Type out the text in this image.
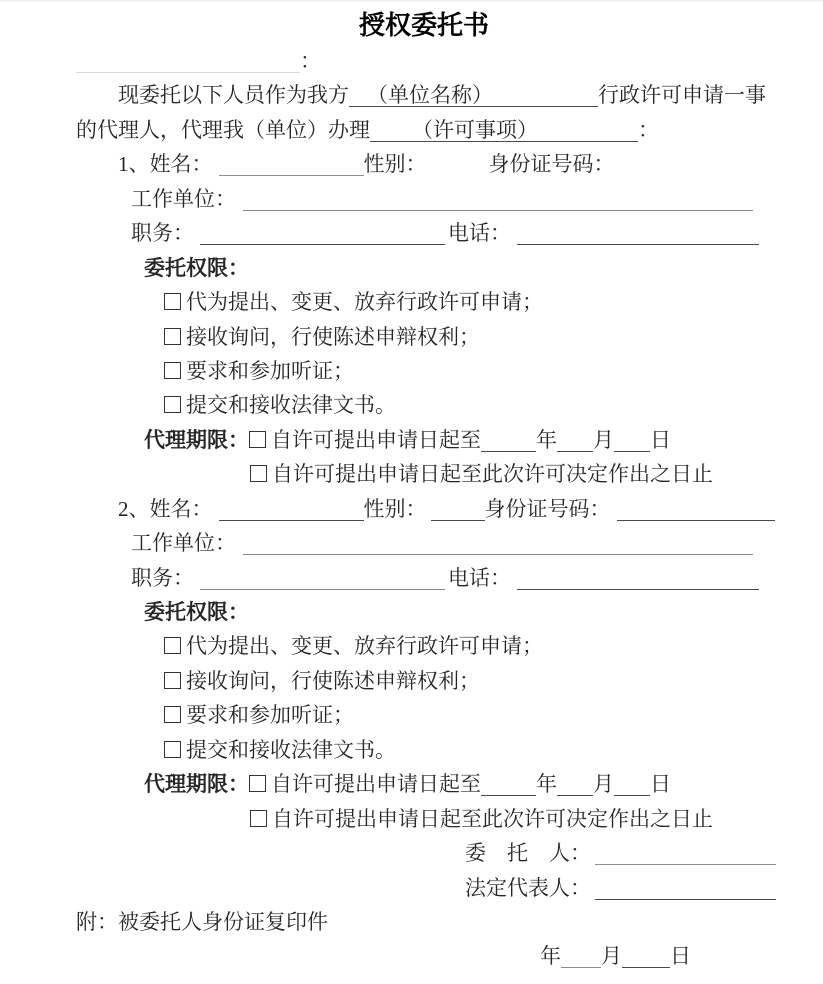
授权委托书
：
现委托以下人员作为我方 （单位名称）	行政许可申请一事
的代理人，代理我（单位）办理 （许可事项）	：
1、姓名：	性别：	身份证号码：
工作单位：
职务：	电话：
委托权限：
代为提出、变更、放弃行政许可申请；
接收询问，行使陈述申辩权利；
要求和参加听证；
提交和接收法律文书。
代理期限： 自许可提出申请日起至	年 月 日
自许可提出申请日起至此次许可决定作出之日止
2、姓名：	性别：	身份证号码：
工作单位：
职务：	电话：
委托权限：
代为提出、变更、放弃行政许可申请；
接收询问，行使陈述申辩权利；
要求和参加听证；
提交和接收法律文书。
代理期限： 自许可提出申请日起至	年 月 日
自许可提出申请日起至此次许可决定作出之日止
委　托　人：
法定代表人：
附：被委托人身份证复印件
年 月 日
